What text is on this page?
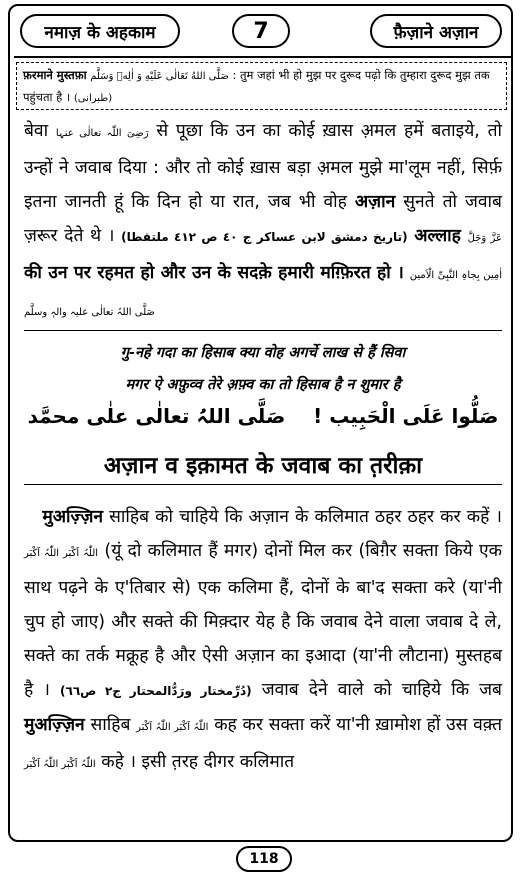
नमाज़ के अहकाम	7	फ़ैज़ाने अज़ान
फ़रमाने मुस्तफ़ा صَلَّى اللهُ تَعَالٰى عَلَيْهِ وَ اٰلِهٖ وَسَلَّم : तुम जहां भी हो मुझ पर दुरूद पढ़ो कि तुम्हारा दुरूद मुझ तक पहुंचता है । (طبرانی)

बेवा رَضِیَ اللّٰہ تعالٰی عنہا से पूछा कि उन का कोई ख़ास अ़मल हमें बताइये, तो उन्हों ने जवाब दिया : और तो कोई ख़ास बड़ा अ़मल मुझे मा'लूम नहीं, सिर्फ़ इतना जानती हूं कि दिन हो या रात, जब भी वोह अज़ान सुनते तो जवाब ज़रूर देते थे । (تاریخ دمشق لابن عساکر ج ٤٠ ص ٤١٢ ملتقطا) अल्लाह عَزَّ وَجَلَّ की उन पर रहमत हो और उन के सदक़े हमारी मग़्फ़िरत हो । اٰمِین بِجاہِ النَّبِیِّ الْاَمین صَلَّی اللہُ تعالٰی علیہ والہٖ وسلَّم

गु-नहे गदा का हिसाब क्या वोह अगर्चे लाख से हैं सिवा
मगर ऐ अफ़ुव्व तेरे अ़फ़्व का तो हिसाब है न शुमार है
صَلُّوا عَلَی الْحَبِیب !    صَلَّی اللہُ تعالٰی علٰی محمَّد
अज़ान व इक़ामत के जवाब का त़रीक़ा

मुअज़्ज़िन साहिब को चाहिये कि अज़ान के कलिमात ठहर ठहर कर कहें । اللّٰہُ اَکْبَر اللّٰہُ اَکْبَر (यूं दो कलिमात हैं मगर) दोनों मिल कर (बिग़ैर सक्ता किये एक साथ पढ़ने के ए'तिबार से) एक कलिमा हैं, दोनों के बा'द सक्ता करे (या'नी चुप हो जाए) और सक्ते की मिक़्दार येह है कि जवाब देने वाला जवाब दे ले, सक्ते का तर्क मक्रूह है और ऐसी अज़ान का इआदा (या'नी लौटाना) मुस्तहब है । (دُرِّمختار ورَدُّالمحتار ج٢ ص٦٦) जवाब देने वाले को चाहिये कि जब मुअज़्ज़िन साहिब اللّٰہُ اَکْبَر اللّٰہُ اَکْبَر कह कर सक्ता करें या'नी ख़ामोश हों उस वक़्त اللّٰہُ اَکْبَر اللّٰہُ اَکْبَر कहे । इसी त़रह दीगर कलिमात

118
